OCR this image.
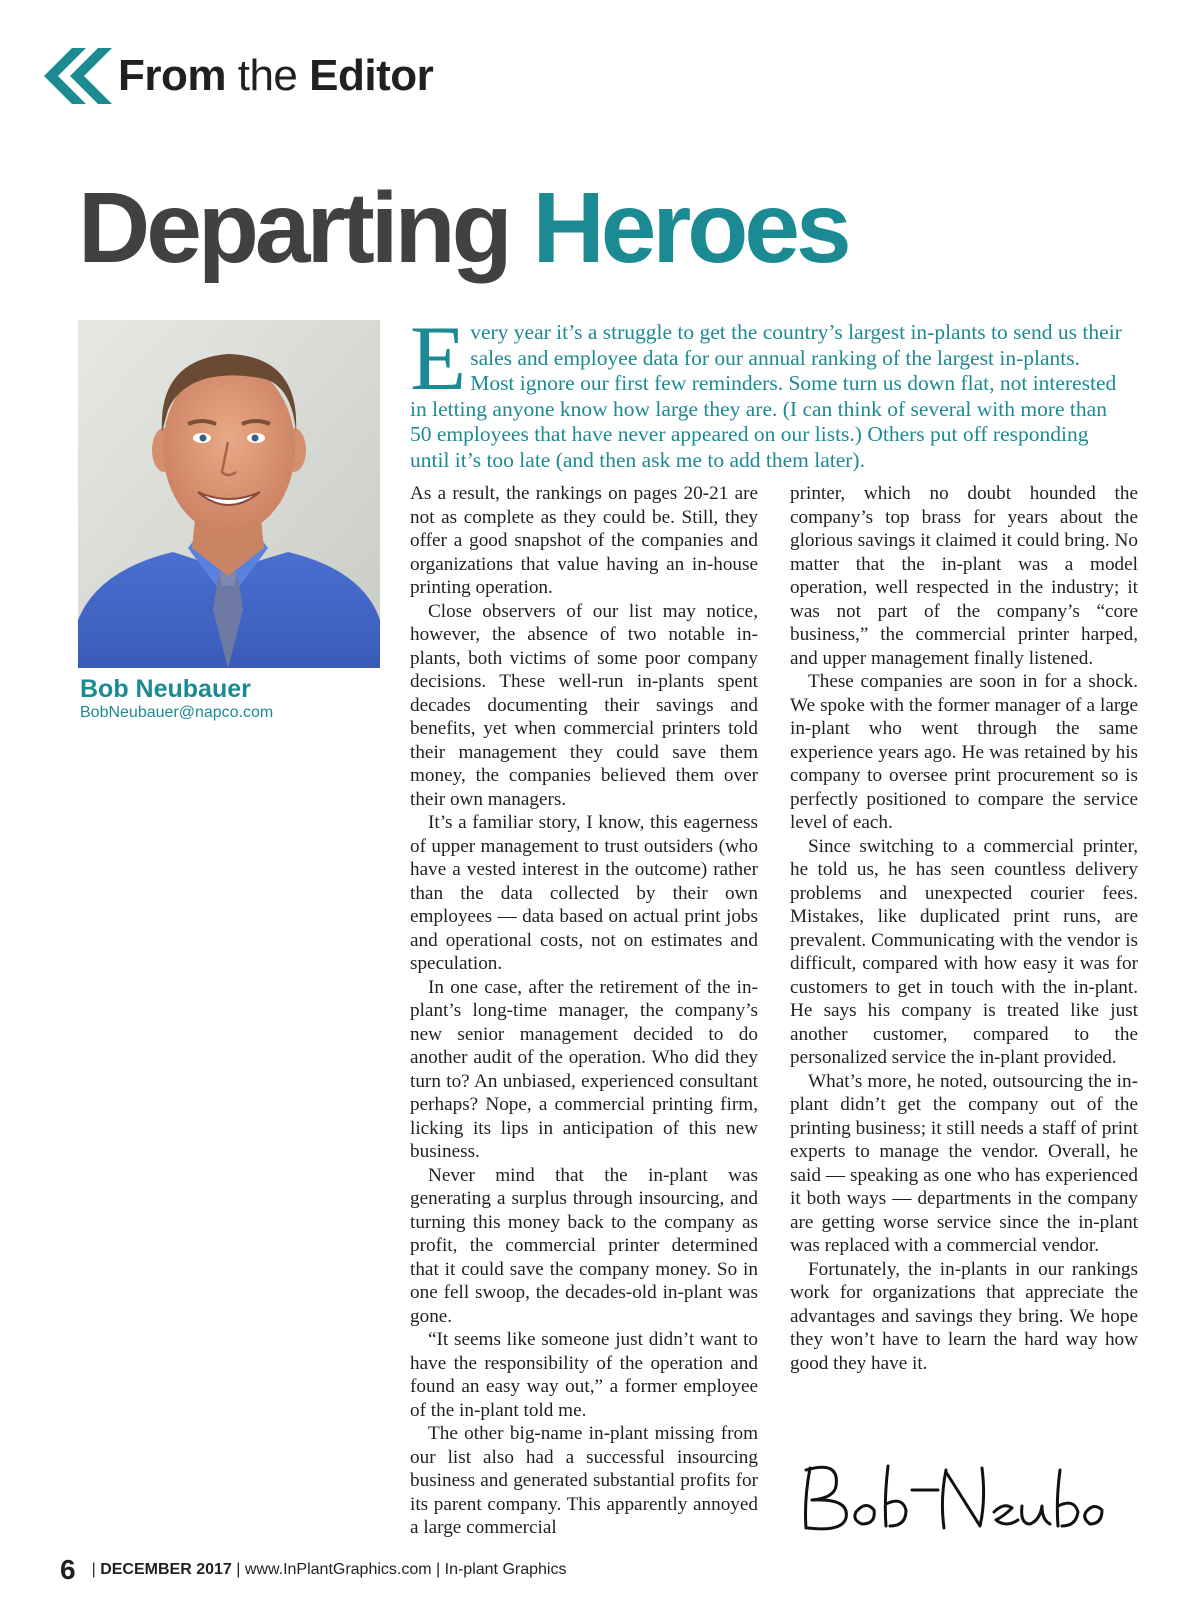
From the Editor
Departing Heroes
Bob Neubauer
BobNeubauer@napco.com
Every year it’s a struggle to get the country’s largest in-plants to send us their sales and employee data for our annual ranking of the largest in-plants. Most ignore our first few reminders. Some turn us down flat, not interested in letting anyone know how large they are. (I can think of several with more than 50 employees that have never appeared on our lists.) Others put off responding until it’s too late (and then ask me to add them later).

As a result, the rankings on pages 20-21 are not as complete as they could be. Still, they offer a good snapshot of the companies and organizations that value having an in-house printing operation.

Close observers of our list may notice, however, the absence of two notable in-plants, both victims of some poor company decisions. These well-run in-plants spent decades documenting their savings and benefits, yet when commercial printers told their management they could save them money, the companies believed them over their own managers.

It’s a familiar story, I know, this eagerness of upper management to trust outsiders (who have a vested interest in the outcome) rather than the data collected by their own employees — data based on actual print jobs and operational costs, not on estimates and speculation.

In one case, after the retirement of the in-plant’s long-time manager, the company’s new senior management decided to do another audit of the operation. Who did they turn to? An unbiased, experienced consultant perhaps? Nope, a commercial printing firm, licking its lips in anticipation of this new business.

Never mind that the in-plant was generating a surplus through insourcing, and turning this money back to the company as profit, the commercial printer determined that it could save the company money. So in one fell swoop, the decades-old in-plant was gone.

“It seems like someone just didn’t want to have the responsibility of the operation and found an easy way out,” a former employee of the in-plant told me.

The other big-name in-plant missing from our list also had a successful insourcing business and generated substantial profits for its parent company. This apparently annoyed a large commercial

printer, which no doubt hounded the company’s top brass for years about the glorious savings it claimed it could bring. No matter that the in-plant was a model operation, well respected in the industry; it was not part of the company’s “core business,” the commercial printer harped, and upper management finally listened.

These companies are soon in for a shock. We spoke with the former manager of a large in-plant who went through the same experience years ago. He was retained by his company to oversee print procurement so is perfectly positioned to compare the service level of each.

Since switching to a commercial printer, he told us, he has seen countless delivery problems and unexpected courier fees. Mistakes, like duplicated print runs, are prevalent. Communicating with the vendor is difficult, compared with how easy it was for customers to get in touch with the in-plant. He says his company is treated like just another customer, compared to the personalized service the in-plant provided.

What’s more, he noted, outsourcing the in-plant didn’t get the company out of the printing business; it still needs a staff of print experts to manage the vendor. Overall, he said — speaking as one who has experienced it both ways — departments in the company are getting worse service since the in-plant was replaced with a commercial vendor.

Fortunately, the in-plants in our rankings work for organizations that appreciate the advantages and savings they bring. We hope they won’t have to learn the hard way how good they have it.

6 | DECEMBER 2017 | www.InPlantGraphics.com | In-plant Graphics
